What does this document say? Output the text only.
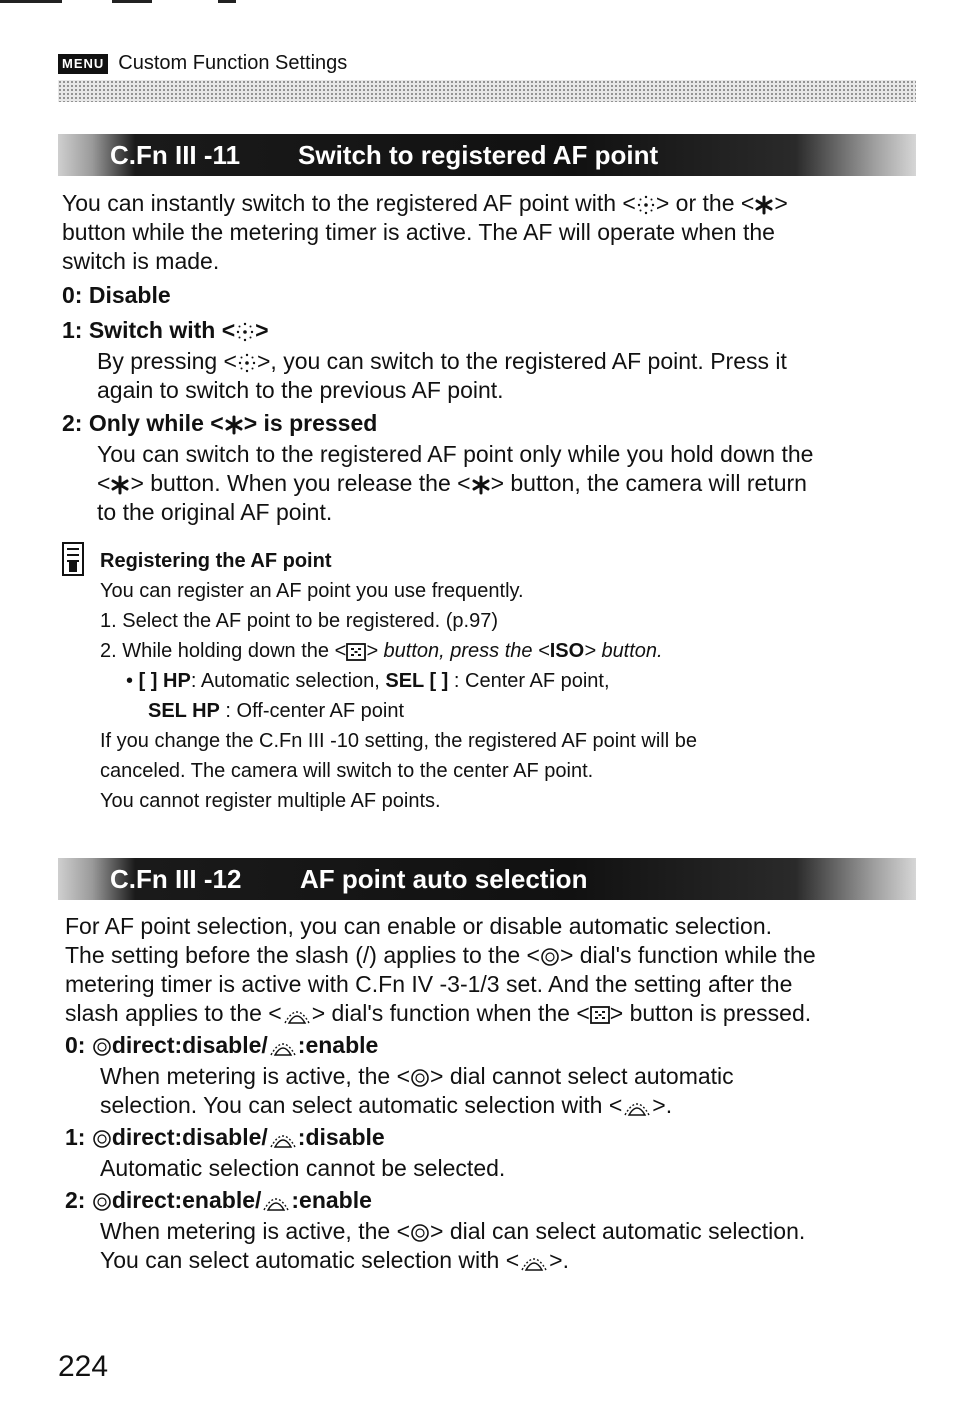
MENU Custom Function Settings
C.Fn III -11 Switch to registered AF point
You can instantly switch to the registered AF point with < > or the < >
button while the metering timer is active. The AF will operate when the
switch is made.
0: Disable
1: Switch with < >
By pressing < >, you can switch to the registered AF point. Press it
again to switch to the previous AF point.
2: Only while < > is pressed
You can switch to the registered AF point only while you hold down the
< > button. When you release the < > button, the camera will return
to the original AF point.
Registering the AF point
You can register an AF point you use frequently.
1. Select the AF point to be registered. (p.97)
2. While holding down the < > button, press the <ISO> button.
• [ ] HP: Automatic selection, SEL [ ] : Center AF point,
SEL HP : Off-center AF point
If you change the C.Fn III -10 setting, the registered AF point will be
canceled. The camera will switch to the center AF point.
You cannot register multiple AF points.
C.Fn III -12 AF point auto selection
For AF point selection, you can enable or disable automatic selection.
The setting before the slash (/) applies to the < > dial's function while the
metering timer is active with C.Fn IV -3-1/3 set. And the setting after the
slash applies to the < > dial's function when the < > button is pressed.
0: direct:disable/ :enable
When metering is active, the < > dial cannot select automatic
selection. You can select automatic selection with < >.
1: direct:disable/ :disable
Automatic selection cannot be selected.
2: direct:enable/ :enable
When metering is active, the < > dial can select automatic selection.
You can select automatic selection with < >.
224
